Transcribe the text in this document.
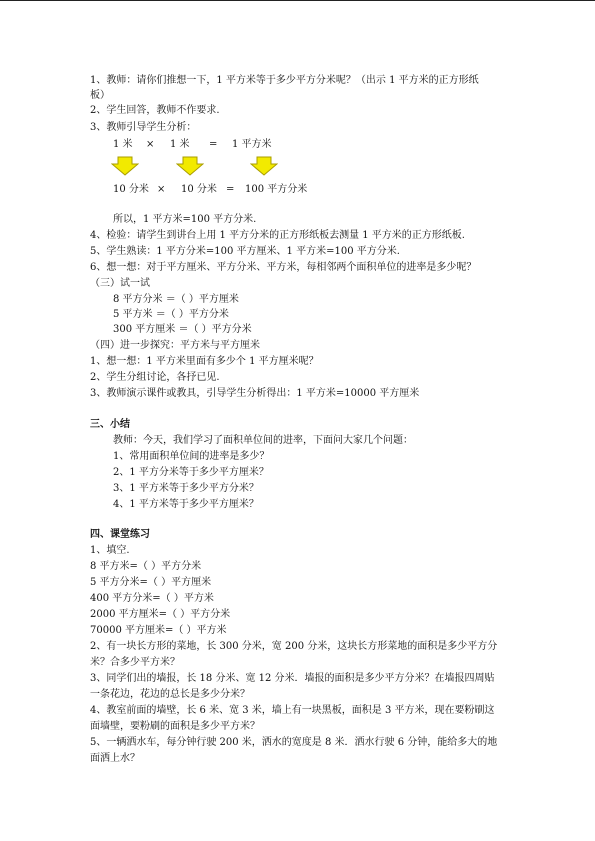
1、教师：请你们推想一下，1 平方米等于多少平方分米呢？（出示 1 平方米的正方形纸
板）
2、学生回答，教师不作要求.
3、教师引导学生分析：
1 米 × 1 米 = 1 平方米
10 分米 × 10 分米 = 100 平方分米
所以，1 平方米=100 平方分米.
4、检验：请学生到讲台上用 1 平方分米的正方形纸板去测量 1 平方米的正方形纸板.
5、学生熟读：1 平方分米=100 平方厘米、1 平方米=100 平方分米.
6、想一想：对于平方厘米、平方分米、平方米，每相邻两个面积单位的进率是多少呢？
（三）试一试
8 平方分米 ＝（ ）平方厘米
5 平方米 ＝（ ）平方分米
300 平方厘米 ＝（ ）平方分米
（四）进一步探究：平方米与平方厘米
1、想一想：1 平方米里面有多少个 1 平方厘米呢？
2、学生分组讨论，各抒已见.
3、教师演示课件或教具，引导学生分析得出：1 平方米=10000 平方厘米
三、小结
教师：今天，我们学习了面积单位间的进率，下面问大家几个问题：
1、常用面积单位间的进率是多少？
2、1 平方分米等于多少平方厘米？
3、1 平方米等于多少平方分米？
4、1 平方米等于多少平方厘米？
四、课堂练习
1、填空.
8 平方米=（ ）平方分米
5 平方分米=（ ）平方厘米
400 平方分米=（ ）平方米
2000 平方厘米=（ ）平方分米
70000 平方厘米=（ ）平方米
2、有一块长方形的菜地，长 300 分米，宽 200 分米，这块长方形菜地的面积是多少平方分
米？合多少平方米？
3、同学们出的墙报，长 18 分米、宽 12 分米．墙报的面积是多少平方分米？在墙报四周贴
一条花边，花边的总长是多少分米？
4、教室前面的墙壁，长 6 米、宽 3 米，墙上有一块黑板，面积是 3 平方米，现在要粉刷这
面墙壁，要粉刷的面积是多少平方米？
5、一辆洒水车，每分钟行驶 200 米，洒水的宽度是 8 米．洒水行驶 6 分钟，能给多大的地
面洒上水？
